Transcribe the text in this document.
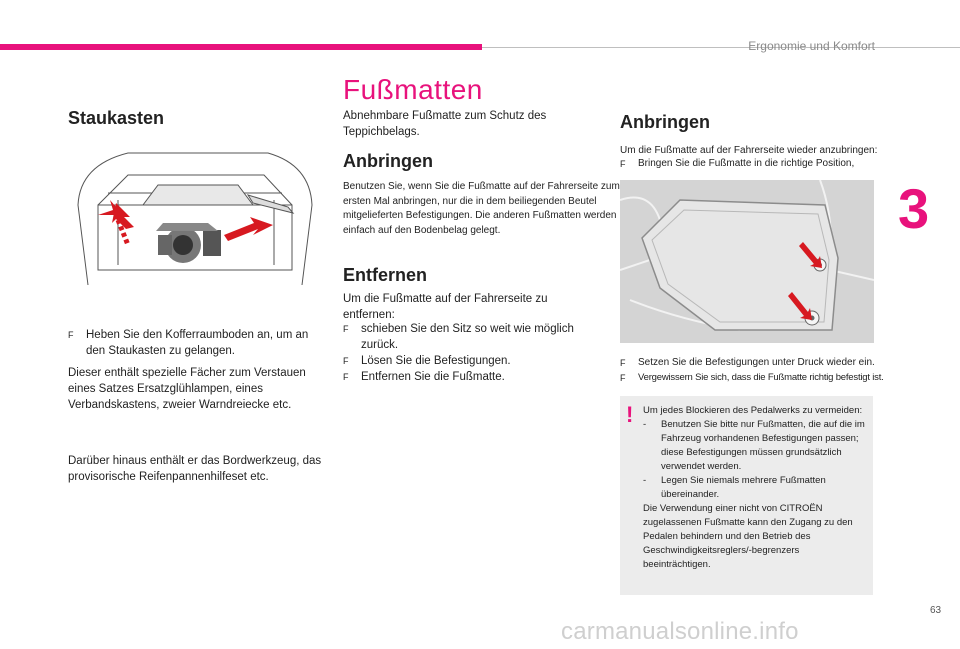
Ergonomie und Komfort
3
Staukasten
F	Heben Sie den Kofferraumboden an, um an den Staukasten zu gelangen.
Dieser enthält spezielle Fächer zum Verstauen eines Satzes Ersatzglühlampen, eines Verbandskastens, zweier Warndreiecke etc.
Darüber hinaus enthält er das Bordwerkzeug, das provisorische Reifenpannenhilfeset etc.
Fußmatten
Abnehmbare Fußmatte zum Schutz des Teppichbelags.
Anbringen
Benutzen Sie, wenn Sie die Fußmatte auf der Fahrerseite zum ersten Mal anbringen, nur die in dem beiliegenden Beutel mitgelieferten Befestigungen. Die anderen Fußmatten werden einfach auf den Bodenbelag gelegt.
Entfernen
Um die Fußmatte auf der Fahrerseite zu entfernen:
F	schieben Sie den Sitz so weit wie möglich zurück.
F	Lösen Sie die Befestigungen.
F	Entfernen Sie die Fußmatte.
Anbringen
Um die Fußmatte auf der Fahrerseite wieder anzubringen:
F	Bringen Sie die Fußmatte in die richtige Position,
F	Setzen Sie die Befestigungen unter Druck wieder ein.
F	Vergewissern Sie sich, dass die Fußmatte richtig befestigt ist.
! Um jedes Blockieren des Pedalwerks zu vermeiden:
-	Benutzen Sie bitte nur Fußmatten, die auf die im Fahrzeug vorhandenen Befestigungen passen; diese Befestigungen müssen grundsätzlich verwendet werden.
-	Legen Sie niemals mehrere Fußmatten übereinander.
Die Verwendung einer nicht von CITROËN zugelassenen Fußmatte kann den Zugang zu den Pedalen behindern und den Betrieb des Geschwindigkeitsreglers/-begrenzers beeinträchtigen.
63
carmanualsonline.info
